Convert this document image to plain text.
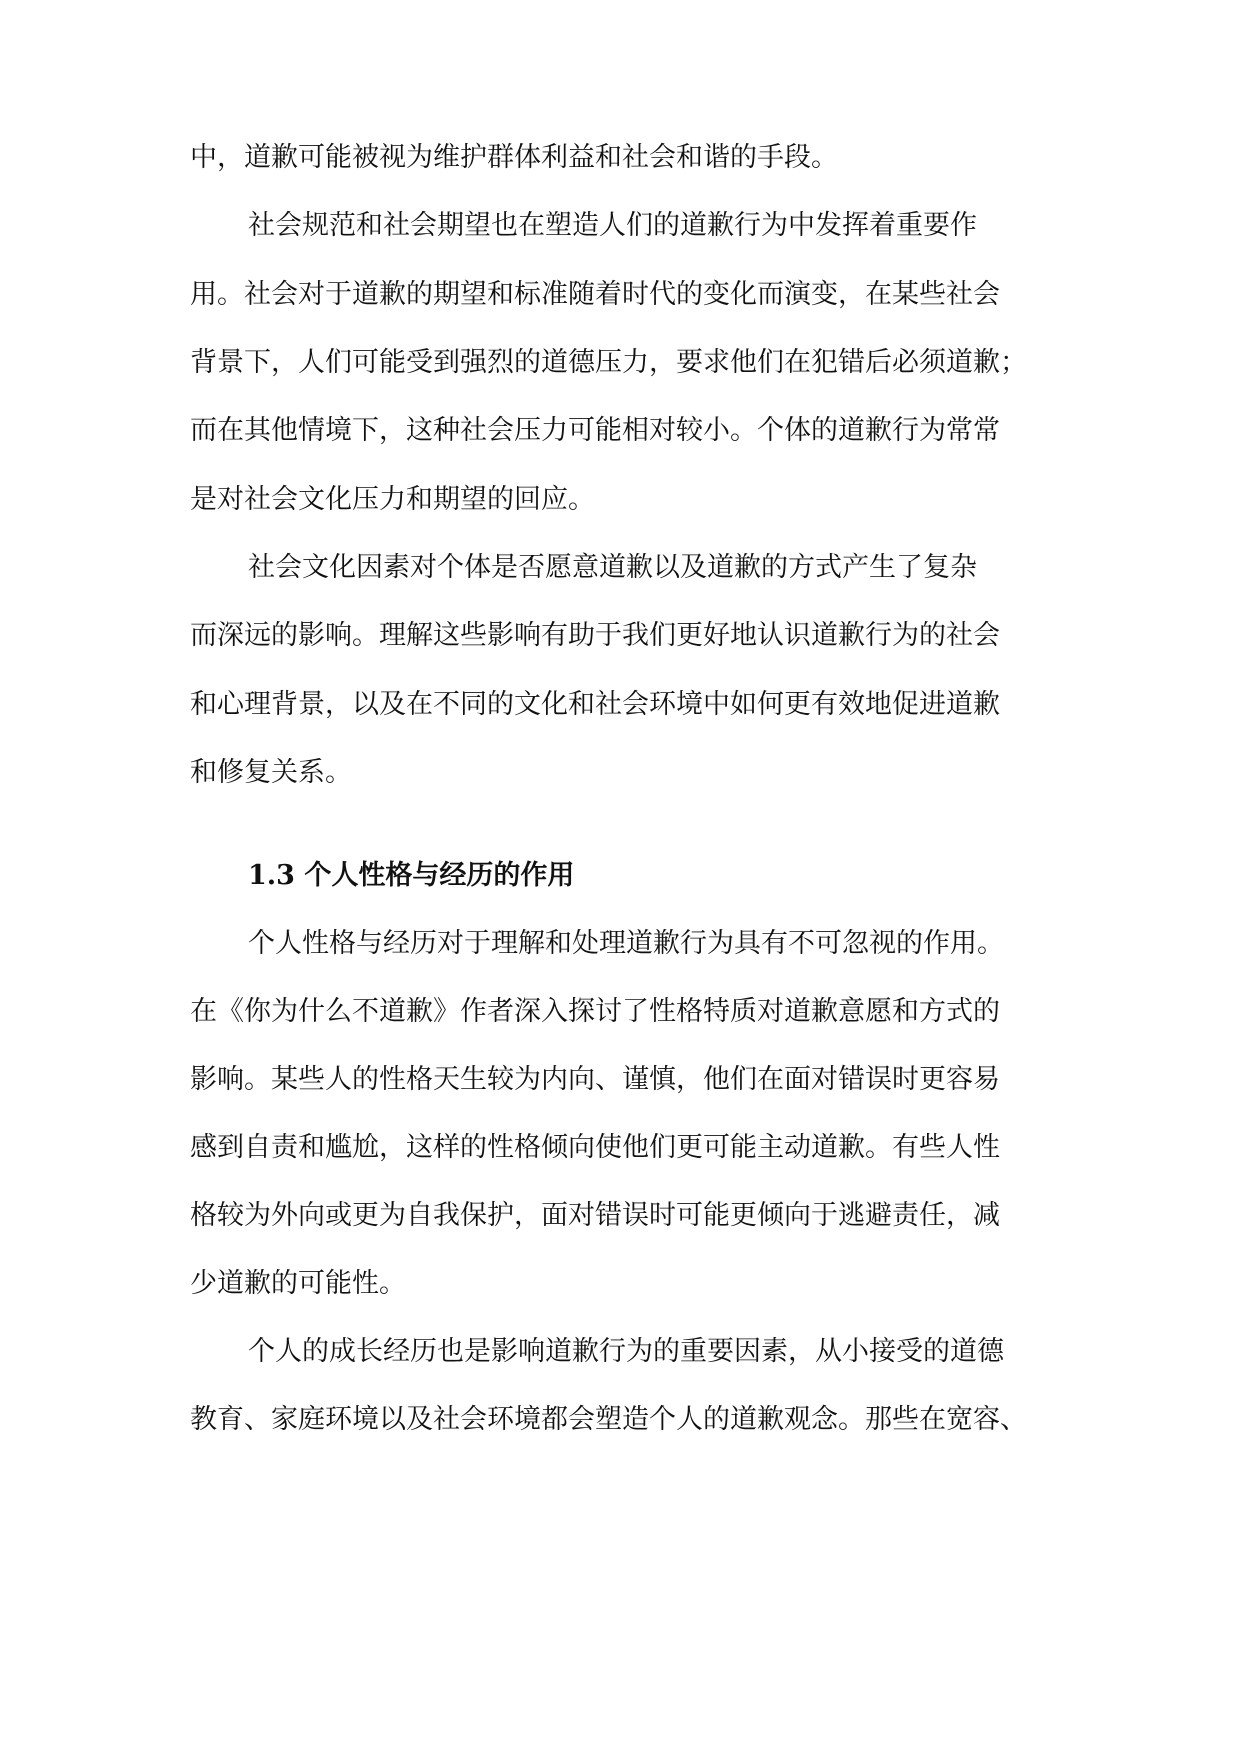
中，道歉可能被视为维护群体利益和社会和谐的手段。
社会规范和社会期望也在塑造人们的道歉行为中发挥着重要作
用。社会对于道歉的期望和标准随着时代的变化而演变，在某些社会
背景下，人们可能受到强烈的道德压力，要求他们在犯错后必须道歉；
而在其他情境下，这种社会压力可能相对较小。个体的道歉行为常常
是对社会文化压力和期望的回应。
社会文化因素对个体是否愿意道歉以及道歉的方式产生了复杂
而深远的影响。理解这些影响有助于我们更好地认识道歉行为的社会
和心理背景，以及在不同的文化和社会环境中如何更有效地促进道歉
和修复关系。
1.3 个人性格与经历的作用
个人性格与经历对于理解和处理道歉行为具有不可忽视的作用。
在《你为什么不道歉》作者深入探讨了性格特质对道歉意愿和方式的
影响。某些人的性格天生较为内向、谨慎，他们在面对错误时更容易
感到自责和尴尬，这样的性格倾向使他们更可能主动道歉。有些人性
格较为外向或更为自我保护，面对错误时可能更倾向于逃避责任，减
少道歉的可能性。
个人的成长经历也是影响道歉行为的重要因素，从小接受的道德
教育、家庭环境以及社会环境都会塑造个人的道歉观念。那些在宽容、
